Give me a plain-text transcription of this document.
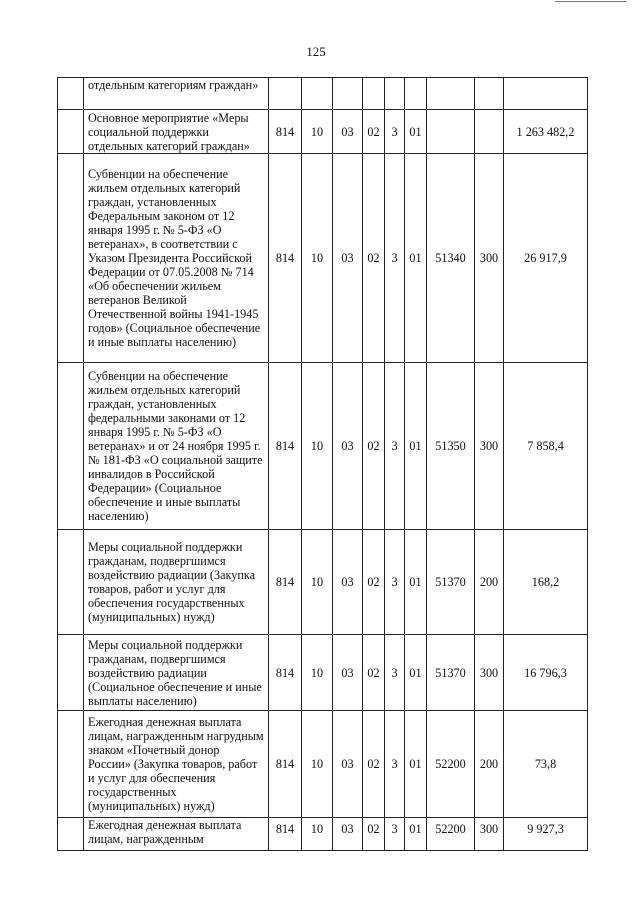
125
	отдельным категориям граждан»									
	Основное мероприятие «Меры социальной поддержки отдельных категорий граждан»	814	10	03	02	3	01			1 263 482,2
	Субвенции на обеспечение жильем отдельных категорий граждан, установленных Федеральным законом от 12 января 1995 г. № 5-ФЗ «О ветеранах», в соответствии с Указом Президента Российской Федерации от 07.05.2008 № 714 «Об обеспечении жильем ветеранов Великой Отечественной войны 1941-1945 годов» (Социальное обеспечение и иные выплаты населению)	814	10	03	02	3	01	51340	300	26 917,9
	Субвенции на обеспечение жильем отдельных категорий граждан, установленных федеральными законами от 12 января 1995 г. № 5-ФЗ «О ветеранах» и от 24 ноября 1995 г. № 181-ФЗ «О социальной защите инвалидов в Российской Федерации» (Социальное обеспечение и иные выплаты населению)	814	10	03	02	3	01	51350	300	7 858,4
	Меры социальной поддержки гражданам, подвергшимся воздействию радиации (Закупка товаров, работ и услуг для обеспечения государственных (муниципальных) нужд)	814	10	03	02	3	01	51370	200	168,2
	Меры социальной поддержки гражданам, подвергшимся воздействию радиации (Социальное обеспечение и иные выплаты населению)	814	10	03	02	3	01	51370	300	16 796,3
	Ежегодная денежная выплата лицам, награжденным нагрудным знаком «Почетный донор России» (Закупка товаров, работ и услуг для обеспечения государственных (муниципальных) нужд)	814	10	03	02	3	01	52200	200	73,8
	Ежегодная денежная выплата лицам, награжденным	814	10	03	02	3	01	52200	300	9 927,3
